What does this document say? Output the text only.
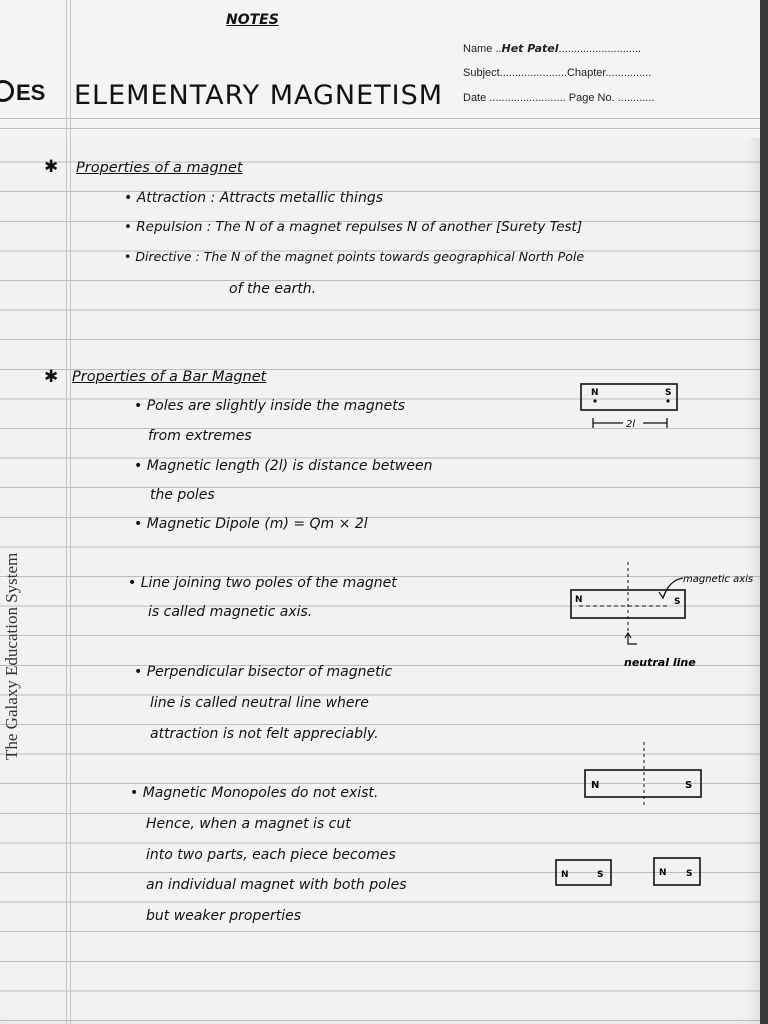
ES
The Galaxy Education System
NOTES
ELEMENTARY MAGNETISM
Name ..Het Patel...........................
Subject......................Chapter...............
Date ......................... Page No. ............
✱ Properties of a magnet
• Attraction : Attracts metallic things
• Repulsion : The N of a magnet repulses N of another [Surety Test]
• Directive : The N of the magnet points towards geographical North Pole
of the earth.
✱ Properties of a Bar Magnet
• Poles are slightly inside the magnets
from extremes
• Magnetic length (2l) is distance between
the poles
• Magnetic Dipole (m) = Qm × 2l
• Line joining two poles of the magnet
is called magnetic axis.
• Perpendicular bisector of magnetic
line is called neutral line where
attraction is not felt appreciably.
• Magnetic Monopoles do not exist.
Hence, when a magnet is cut
into two parts, each piece becomes
an individual magnet with both poles
but weaker properties
N	S
2l
N	S
magnetic axis
neutral line
N	S
N	S	N S
